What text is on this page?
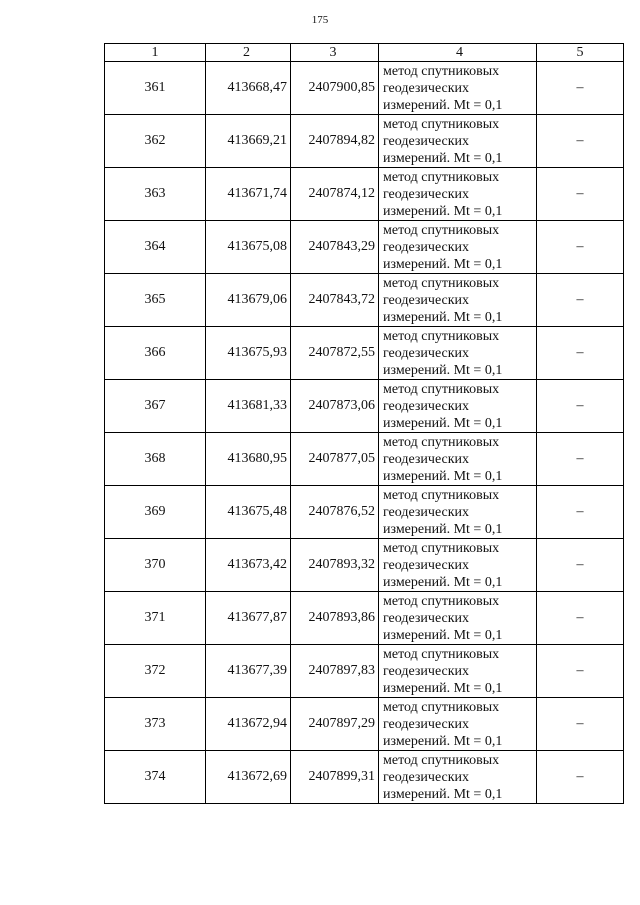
175
1	2	3	4	5
361	413668,47	2407900,85	метод спутниковых
геодезических
измерений. Mt = 0,1	–
362	413669,21	2407894,82	метод спутниковых
геодезических
измерений. Mt = 0,1	–
363	413671,74	2407874,12	метод спутниковых
геодезических
измерений. Mt = 0,1	–
364	413675,08	2407843,29	метод спутниковых
геодезических
измерений. Mt = 0,1	–
365	413679,06	2407843,72	метод спутниковых
геодезических
измерений. Mt = 0,1	–
366	413675,93	2407872,55	метод спутниковых
геодезических
измерений. Mt = 0,1	–
367	413681,33	2407873,06	метод спутниковых
геодезических
измерений. Mt = 0,1	–
368	413680,95	2407877,05	метод спутниковых
геодезических
измерений. Mt = 0,1	–
369	413675,48	2407876,52	метод спутниковых
геодезических
измерений. Mt = 0,1	–
370	413673,42	2407893,32	метод спутниковых
геодезических
измерений. Mt = 0,1	–
371	413677,87	2407893,86	метод спутниковых
геодезических
измерений. Mt = 0,1	–
372	413677,39	2407897,83	метод спутниковых
геодезических
измерений. Mt = 0,1	–
373	413672,94	2407897,29	метод спутниковых
геодезических
измерений. Mt = 0,1	–
374	413672,69	2407899,31	метод спутниковых
геодезических
измерений. Mt = 0,1	–
